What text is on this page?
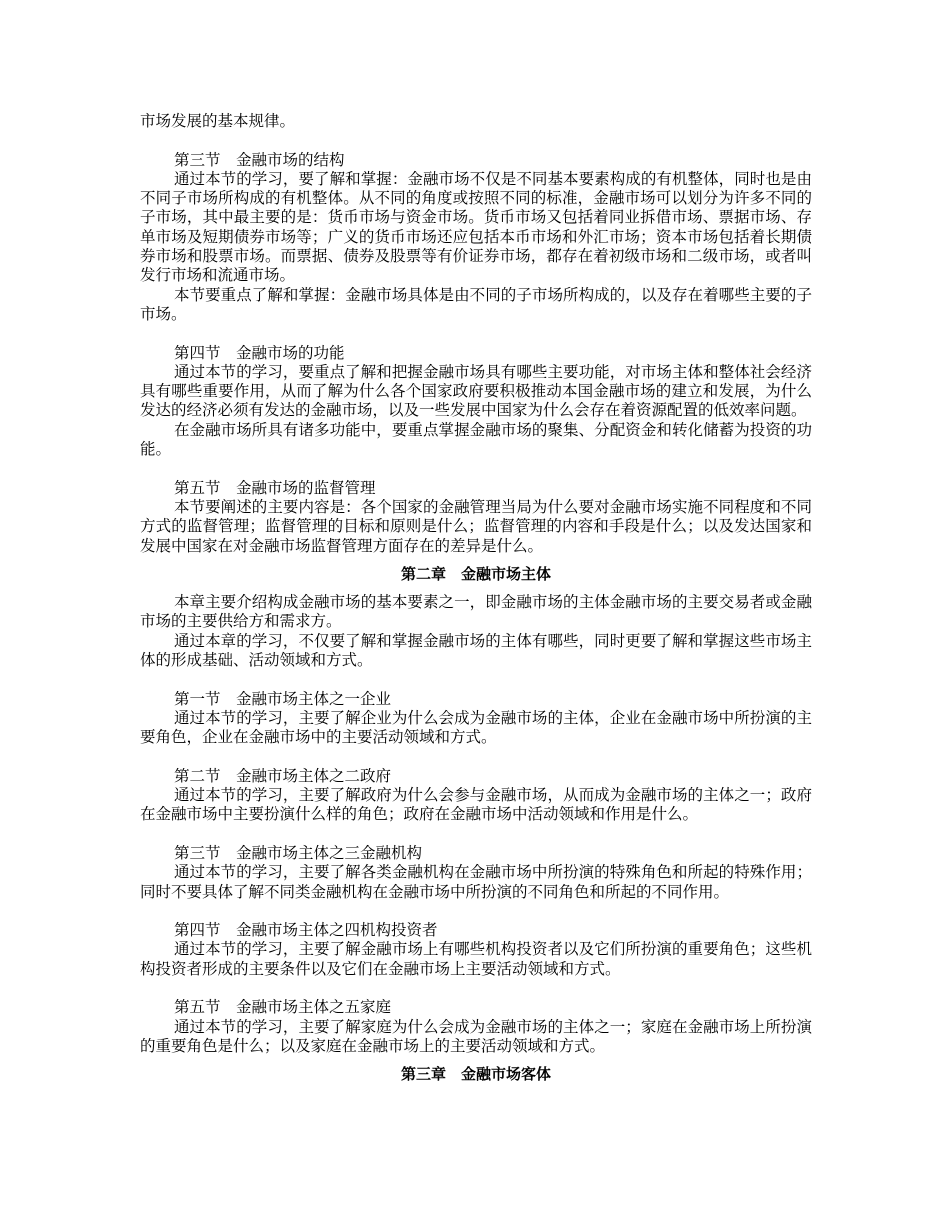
市场发展的基本规律。

第三节　金融市场的结构

通过本节的学习，要了解和掌握：金融市场不仅是不同基本要素构成的有机整体，同时也是由不同子市场所构成的有机整体。从不同的角度或按照不同的标准，金融市场可以划分为许多不同的子市场，其中最主要的是：货币市场与资金市场。货币市场又包括着同业拆借市场、票据市场、存单市场及短期债券市场等；广义的货币市场还应包括本币市场和外汇市场；资本市场包括着长期债券市场和股票市场。而票据、债券及股票等有价证券市场，都存在着初级市场和二级市场，或者叫发行市场和流通市场。

本节要重点了解和掌握：金融市场具体是由不同的子市场所构成的，以及存在着哪些主要的子市场。

第四节　金融市场的功能

通过本节的学习，要重点了解和把握金融市场具有哪些主要功能，对市场主体和整体社会经济具有哪些重要作用，从而了解为什么各个国家政府要积极推动本国金融市场的建立和发展，为什么发达的经济必须有发达的金融市场，以及一些发展中国家为什么会存在着资源配置的低效率问题。

在金融市场所具有诸多功能中，要重点掌握金融市场的聚集、分配资金和转化储蓄为投资的功能。

第五节　金融市场的监督管理

本节要阐述的主要内容是：各个国家的金融管理当局为什么要对金融市场实施不同程度和不同方式的监督管理；监督管理的目标和原则是什么；监督管理的内容和手段是什么；以及发达国家和发展中国家在对金融市场监督管理方面存在的差异是什么。

第二章　金融市场主体

本章主要介绍构成金融市场的基本要素之一，即金融市场的主体金融市场的主要交易者或金融市场的主要供给方和需求方。

通过本章的学习，不仅要了解和掌握金融市场的主体有哪些，同时更要了解和掌握这些市场主体的形成基础、活动领域和方式。

第一节　金融市场主体之一企业

通过本节的学习，主要了解企业为什么会成为金融市场的主体，企业在金融市场中所扮演的主要角色，企业在金融市场中的主要活动领域和方式。

第二节　金融市场主体之二政府

通过本节的学习，主要了解政府为什么会参与金融市场，从而成为金融市场的主体之一；政府在金融市场中主要扮演什么样的角色；政府在金融市场中活动领域和作用是什么。

第三节　金融市场主体之三金融机构

通过本节的学习，主要了解各类金融机构在金融市场中所扮演的特殊角色和所起的特殊作用；同时不要具体了解不同类金融机构在金融市场中所扮演的不同角色和所起的不同作用。

第四节　金融市场主体之四机构投资者

通过本节的学习，主要了解金融市场上有哪些机构投资者以及它们所扮演的重要角色；这些机构投资者形成的主要条件以及它们在金融市场上主要活动领域和方式。

第五节　金融市场主体之五家庭

通过本节的学习，主要了解家庭为什么会成为金融市场的主体之一；家庭在金融市场上所扮演的重要角色是什么；以及家庭在金融市场上的主要活动领域和方式。

第三章　金融市场客体
